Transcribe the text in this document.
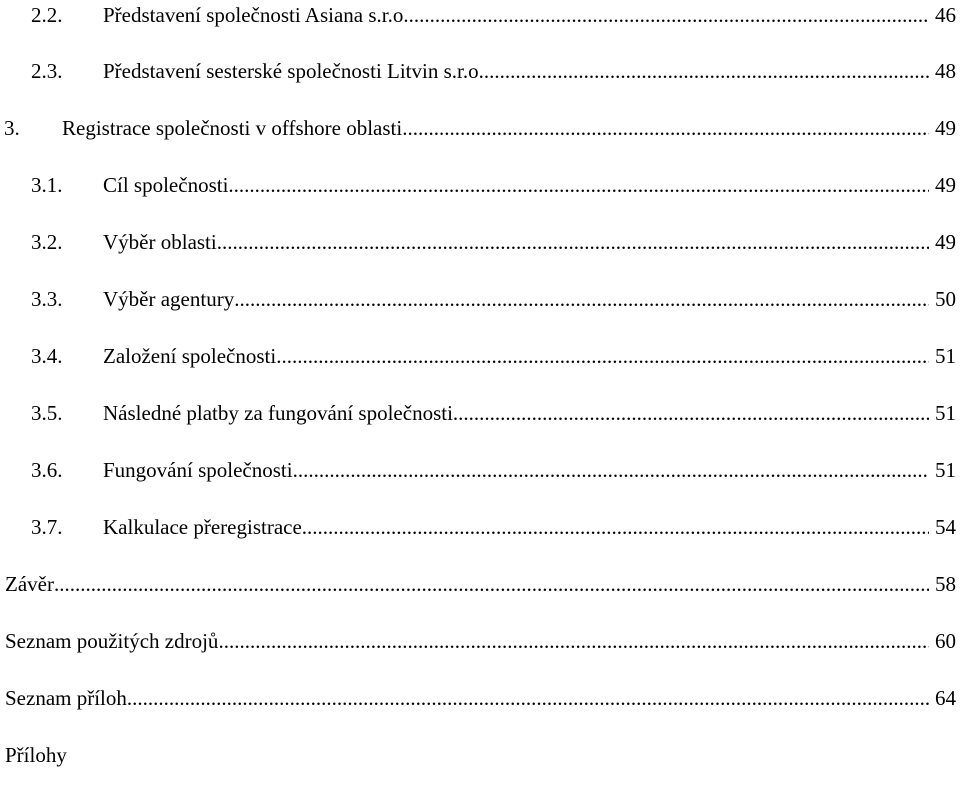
2.2.	Představení společnosti Asiana s.r.o. .....	46
2.3.	Představení sesterské společnosti Litvin s.r.o. .....	48
3.	Registrace společnosti v offshore oblasti .....	49
3.1.	Cíl společnosti .....	49
3.2.	Výběr oblasti .....	49
3.3.	Výběr agentury .....	50
3.4.	Založení společnosti .....	51
3.5.	Následné platby za fungování společnosti .....	51
3.6.	Fungování společnosti .....	51
3.7.	Kalkulace přeregistrace .....	54
Závěr .....	58
Seznam použitých zdrojů .....	60
Seznam příloh .....	64
Přílohy
